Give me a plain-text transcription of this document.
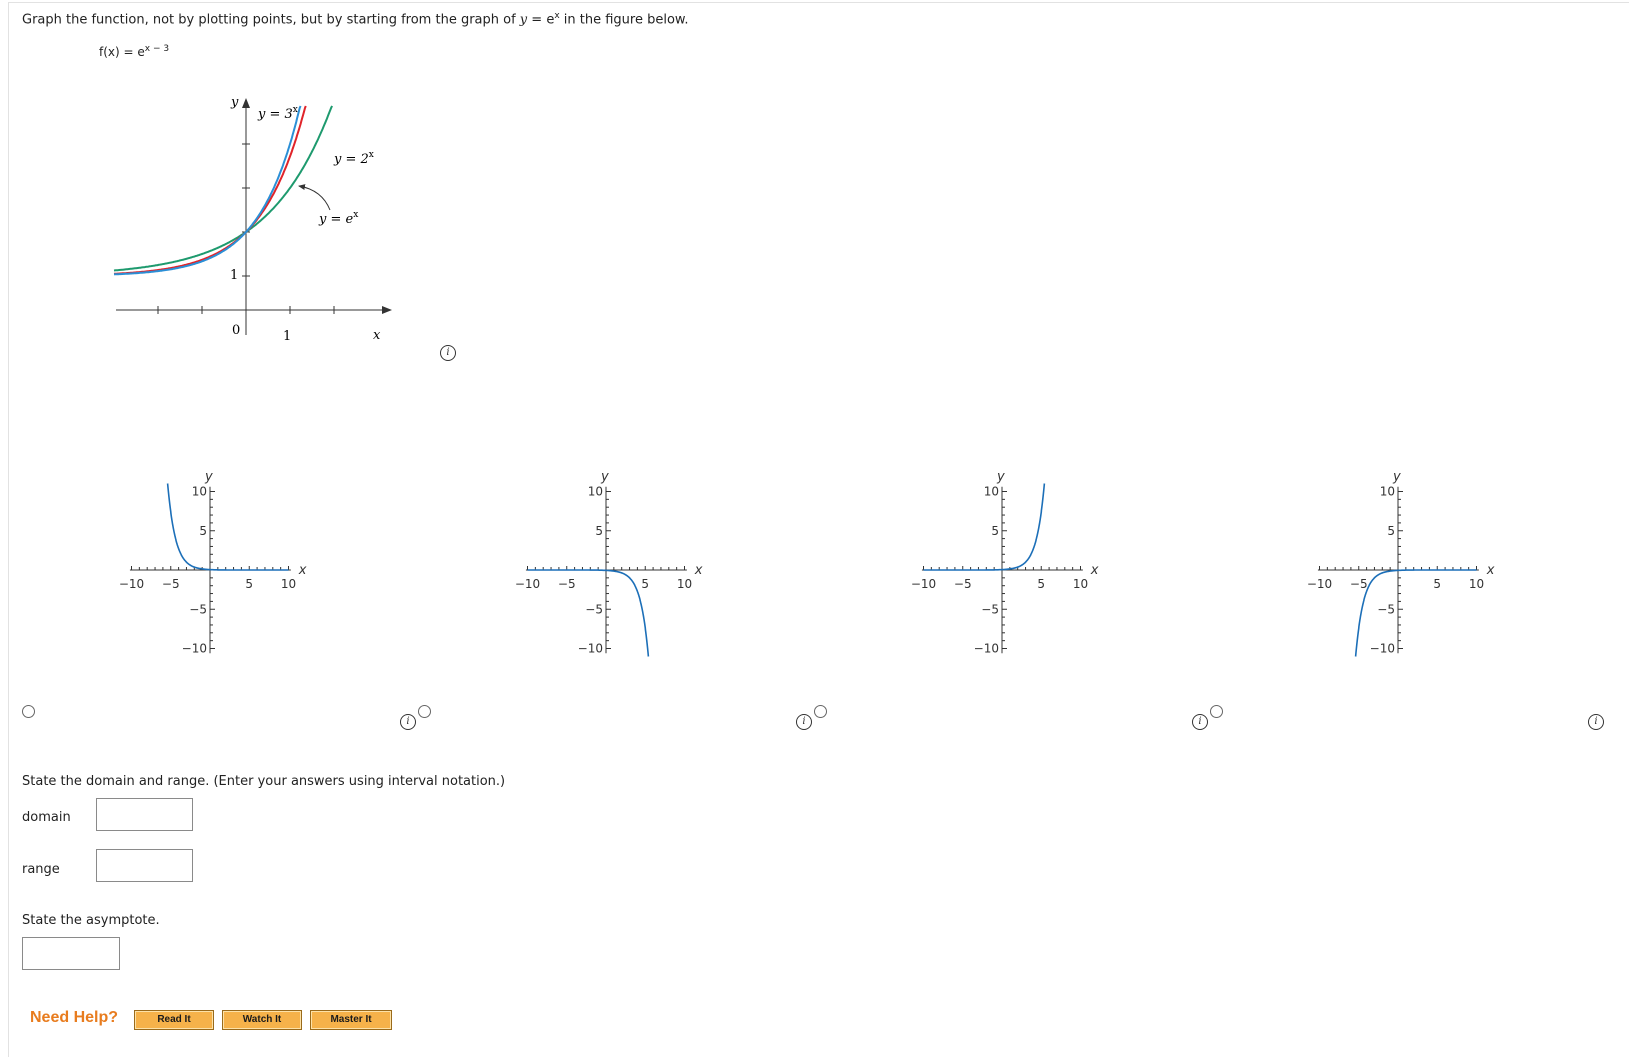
Graph the function, not by plotting points, but by starting from the graph of $y = e^x$ in the figure below.
$f(x) = e^{x - 3}$
y
x
0	1
1
$y = 3^x$
$y = 2^x$
$y = e^x$
i
−10 −5	5 10
10
5
−5
−10
x
y
i
−10 −5	5 10
10
5
−5
−10
x
y
i
−10 −5	5 10
10
5
−5
−10
x
y
i
−10 −5	5 10
10
5
−5
−10
x
y
i
State the domain and range. (Enter your answers using interval notation.)
domain
range
State the asymptote.
Need Help?	Read It	Watch It	Master It
